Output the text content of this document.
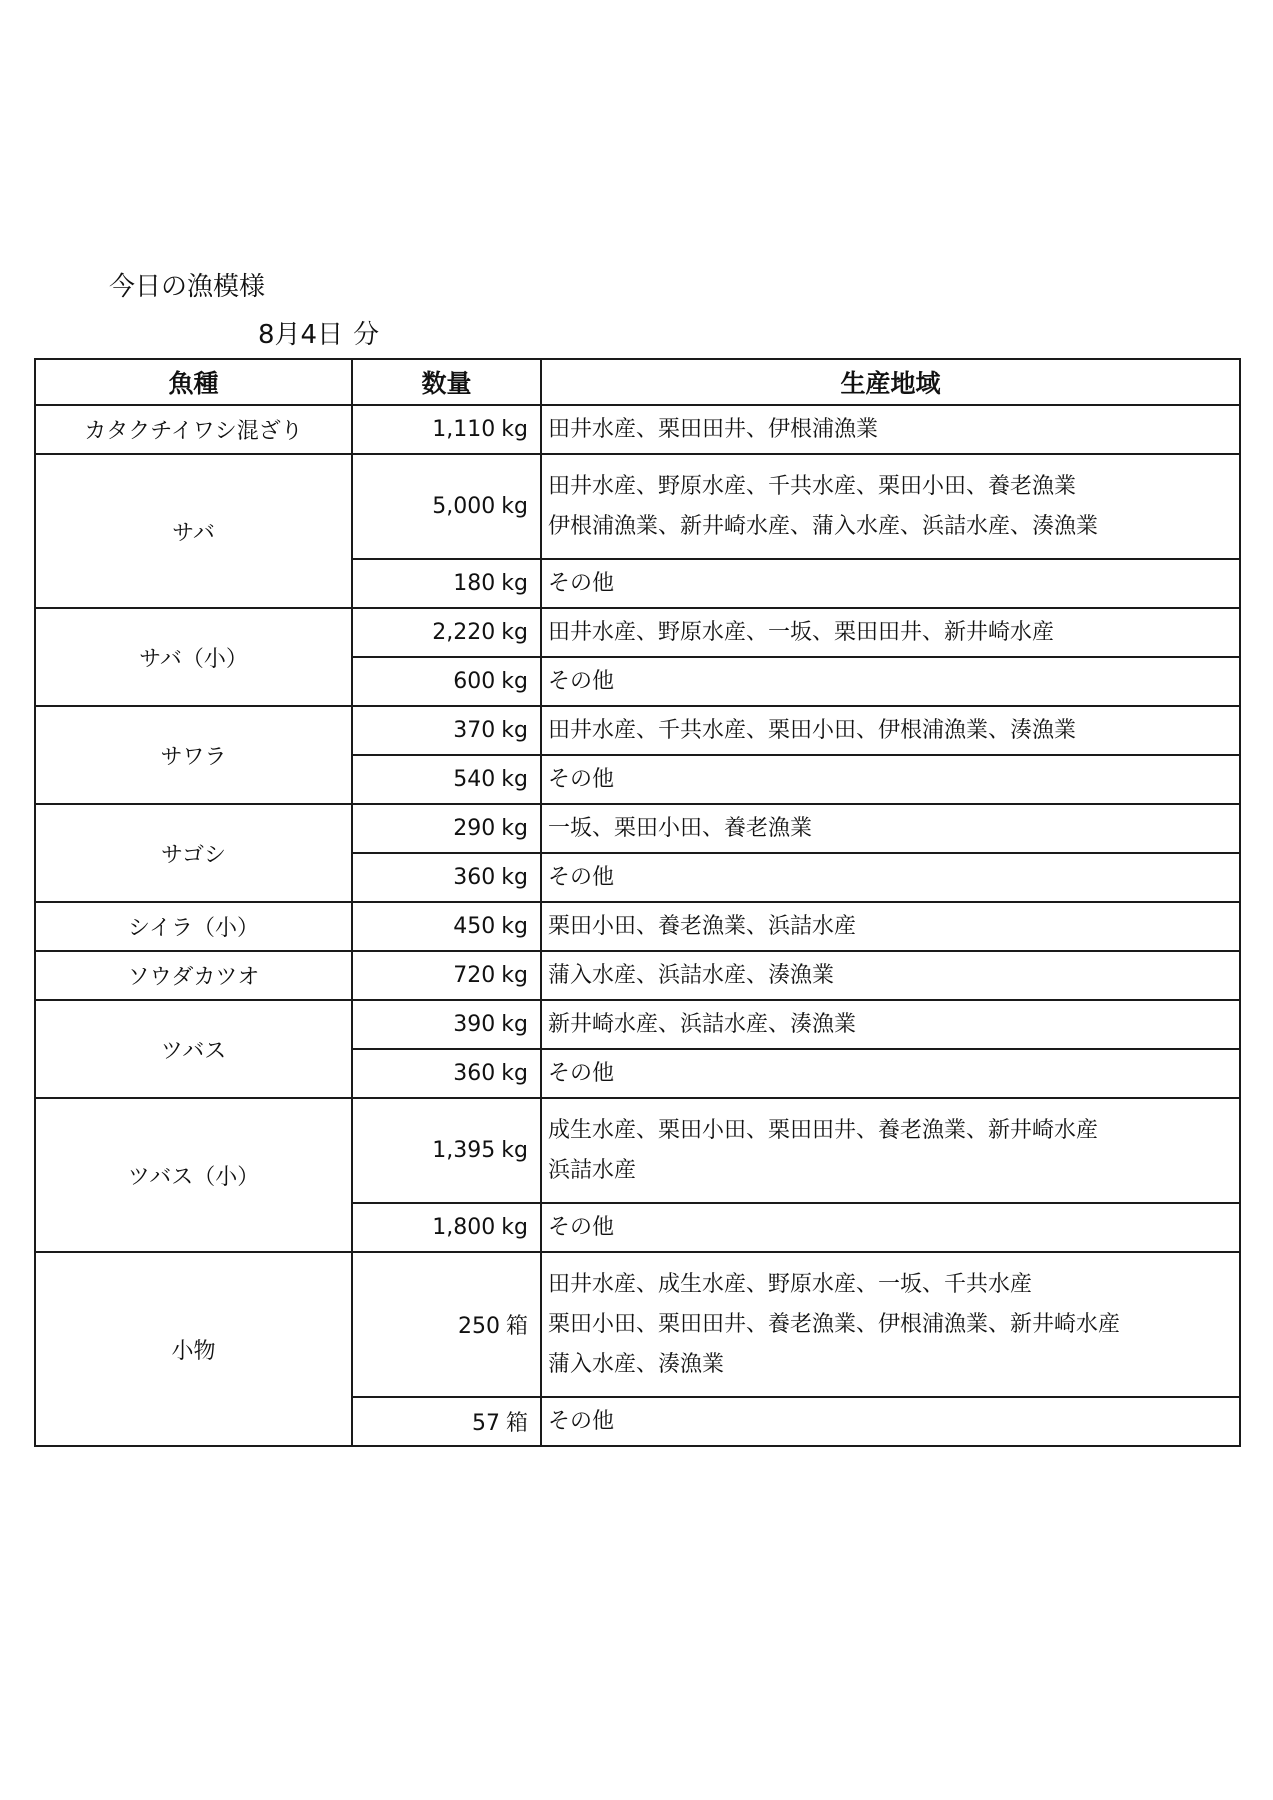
今日の漁模様
8月4日 分
魚種	数量	生産地域
カタクチイワシ混ざり	1,110 kg	田井水産、栗田田井、伊根浦漁業

サバ	5,000 kg	田井水産、野原水産、千共水産、栗田小田、養老漁業
伊根浦漁業、新井崎水産、蒲入水産、浜詰水産、湊漁業

	180 kg	その他

サバ（小）	2,220 kg	田井水産、野原水産、一坂、栗田田井、新井崎水産

	600 kg	その他

サワラ	370 kg	田井水産、千共水産、栗田小田、伊根浦漁業、湊漁業

	540 kg	その他

サゴシ	290 kg	一坂、栗田小田、養老漁業

	360 kg	その他

シイラ（小）	450 kg	栗田小田、養老漁業、浜詰水産

ソウダカツオ	720 kg	蒲入水産、浜詰水産、湊漁業

ツバス	390 kg	新井崎水産、浜詰水産、湊漁業

	360 kg	その他

ツバス（小）	1,395 kg	成生水産、栗田小田、栗田田井、養老漁業、新井崎水産
浜詰水産

	1,800 kg	その他

小物	250 箱	田井水産、成生水産、野原水産、一坂、千共水産
栗田小田、栗田田井、養老漁業、伊根浦漁業、新井崎水産
蒲入水産、湊漁業

	57 箱	その他
